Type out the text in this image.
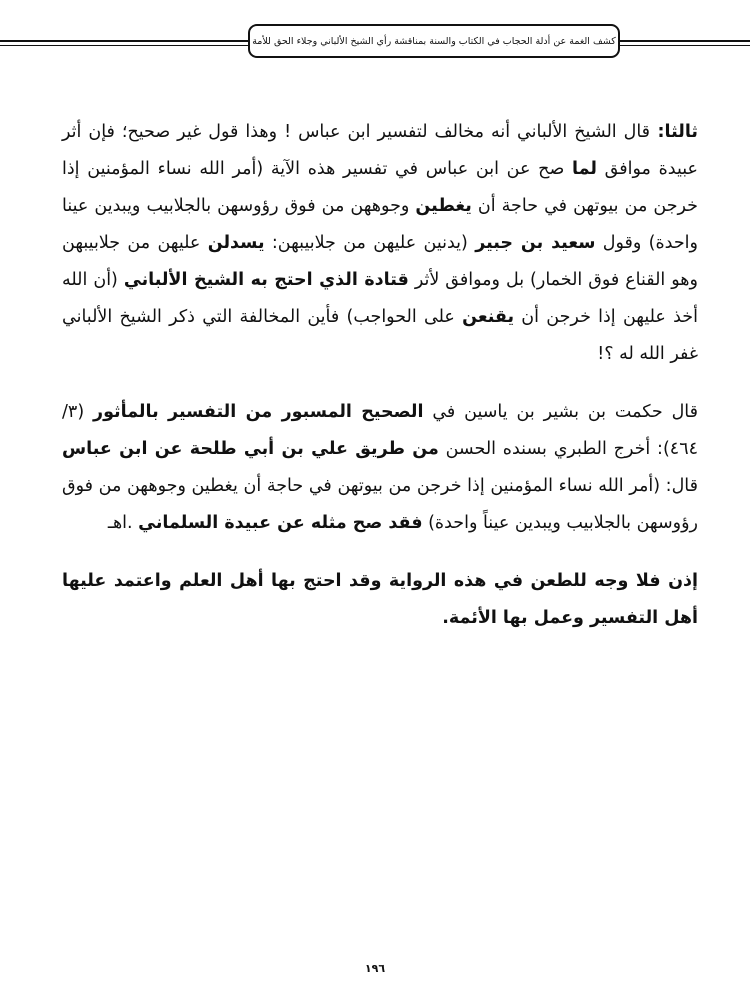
كشف الغمة عن أدلة الحجاب في الكتاب والسنة بمناقشة رأي الشيخ الألباني وجلاء الحق للأمة

ثالثا: قال الشيخ الألباني أنه مخالف لتفسير ابن عباس ! وهذا قول غير صحيح؛ فإن أثر عبيدة موافق لما صح عن ابن عباس في تفسير هذه الآية (أمر الله نساء المؤمنين إذا خرجن من بيوتهن في حاجة أن يغطين وجوههن من فوق رؤوسهن بالجلابيب ويبدين عينا واحدة) وقول سعيد بن جبير (يدنين عليهن من جلابيبهن: يسدلن عليهن من جلابيبهن وهو القناع فوق الخمار) بل وموافق لأثر قتادة الذي احتج به الشيخ الألباني (أن الله أخذ عليهن إذا خرجن أن يقنعن على الحواجب) فأين المخالفة التي ذكر الشيخ الألباني غفر الله له ؟!

قال حكمت بن بشير بن ياسين في الصحيح المسبور من التفسير بالمأثور (٣/ ٤٦٤): أخرج الطبري بسنده الحسن من طريق علي بن أبي طلحة عن ابن عباس قال: (أمر الله نساء المؤمنين إذا خرجن من بيوتهن في حاجة أن يغطين وجوههن من فوق رؤوسهن بالجلابيب ويبدين عيناً واحدة) فقد صح مثله عن عبيدة السلماني .اهـ

إذن فلا وجه للطعن في هذه الرواية وقد احتج بها أهل العلم واعتمد عليها أهل التفسير وعمل بها الأئمة.

١٩٦
